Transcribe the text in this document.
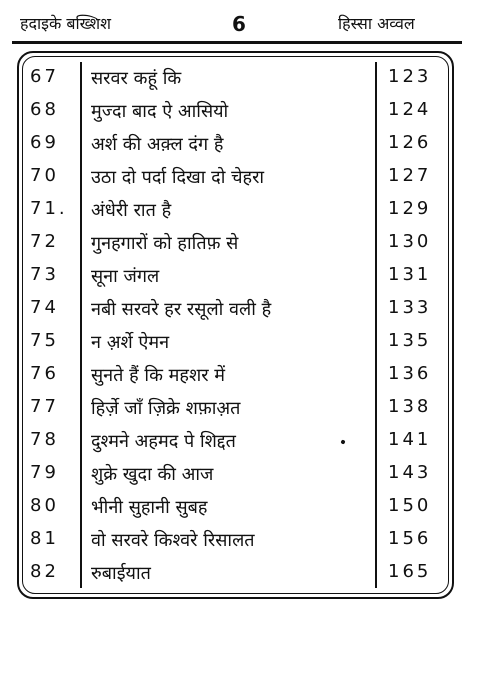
हदाइके बख्शिश	6	हिस्सा अव्वल
67	सरवर कहूं कि	123
68	मुज्दा बाद ऐ आसियो	124
69	अर्श की अक़्ल दंग है	126
70	उठा दो पर्दा दिखा दो चेहरा	127
71.	अंधेरी रात है	129
72	गुनहगारों को हातिफ़ से	130
73	सूना जंगल	131
74	नबी सरवरे हर रसूलो वली है	133
75	न अ़र्शे ऐमन	135
76	सुनते हैं कि महशर में	136
77	हिर्ज़े जाँ ज़िक्रे शफ़ाअ़त	138
78	दुश्मने अहमद पे शिद्दत	141
79	शुक्रे खुदा की आज	143
80	भीनी सुहानी सुबह	150
81	वो सरवरे किश्वरे रिसालत	156
82	रुबाईयात	165
